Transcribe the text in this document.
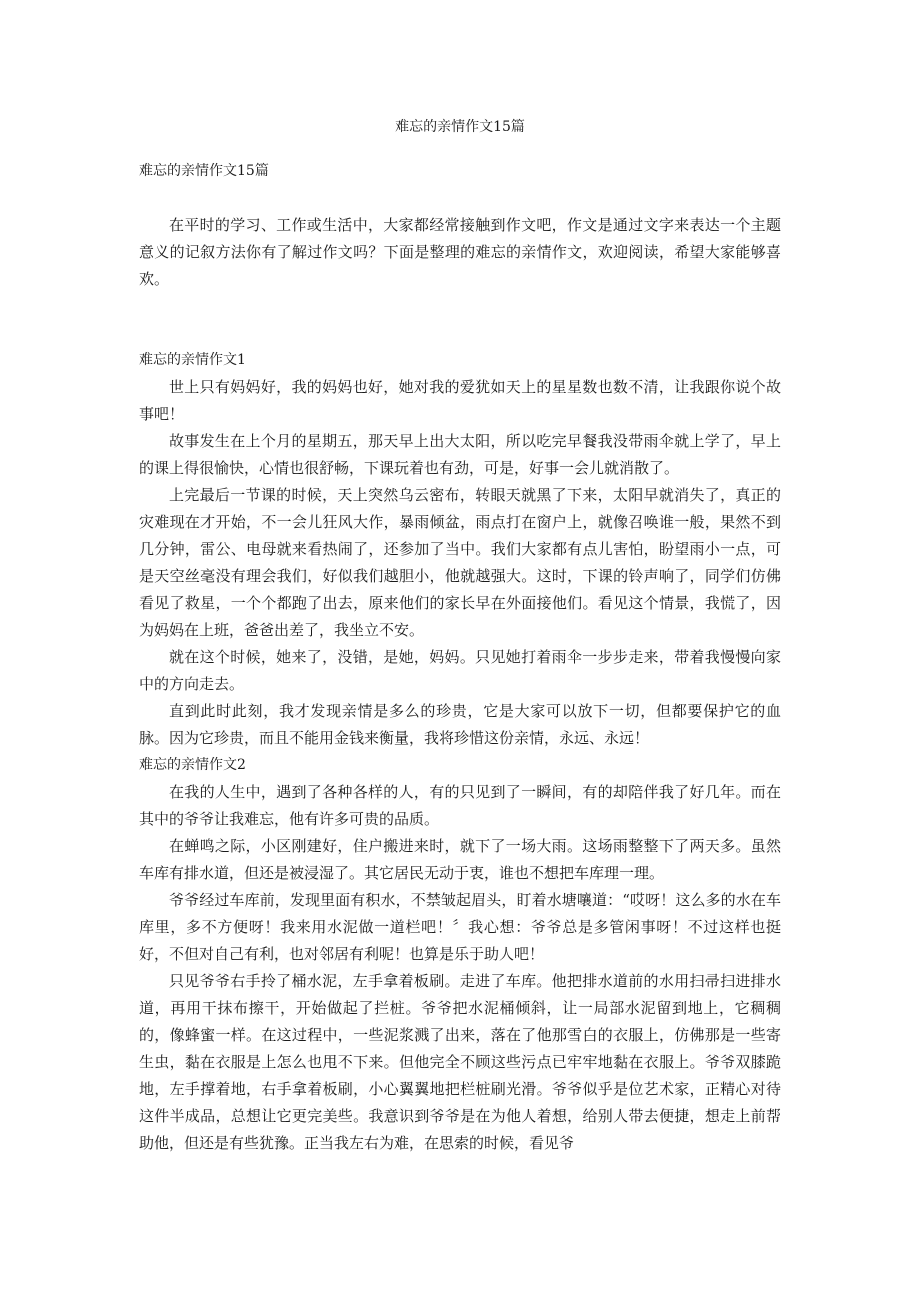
难忘的亲情作文15篇

难忘的亲情作文15篇

在平时的学习、工作或生活中，大家都经常接触到作文吧，作文是通过文字来表达一个主题意义的记叙方法你有了解过作文吗？下面是整理的难忘的亲情作文，欢迎阅读，希望大家能够喜欢。

难忘的亲情作文1

世上只有妈妈好，我的妈妈也好，她对我的爱犹如天上的星星数也数不清，让我跟你说个故事吧！

故事发生在上个月的星期五，那天早上出大太阳，所以吃完早餐我没带雨伞就上学了，早上的课上得很愉快，心情也很舒畅，下课玩着也有劲，可是，好事一会儿就消散了。

上完最后一节课的时候，天上突然乌云密布，转眼天就黑了下来，太阳早就消失了，真正的灾难现在才开始，不一会儿狂风大作，暴雨倾盆，雨点打在窗户上，就像召唤谁一般，果然不到几分钟，雷公、电母就来看热闹了，还参加了当中。我们大家都有点儿害怕，盼望雨小一点，可是天空丝毫没有理会我们，好似我们越胆小，他就越强大。这时，下课的铃声响了，同学们仿佛看见了救星，一个个都跑了出去，原来他们的家长早在外面接他们。看见这个情景，我慌了，因为妈妈在上班，爸爸出差了，我坐立不安。

就在这个时候，她来了，没错，是她，妈妈。只见她打着雨伞一步步走来，带着我慢慢向家中的方向走去。

直到此时此刻，我才发现亲情是多么的珍贵，它是大家可以放下一切，但都要保护它的血脉。因为它珍贵，而且不能用金钱来衡量，我将珍惜这份亲情，永远、永远！

难忘的亲情作文2

在我的人生中，遇到了各种各样的人，有的只见到了一瞬间，有的却陪伴我了好几年。而在其中的爷爷让我难忘，他有许多可贵的品质。

在蝉鸣之际，小区刚建好，住户搬进来时，就下了一场大雨。这场雨整整下了两天多。虽然车库有排水道，但还是被浸湿了。其它居民无动于衷，谁也不想把车库理一理。

爷爷经过车库前，发现里面有积水，不禁皱起眉头，盯着水塘嚷道：“哎呀！这么多的水在车库里，多不方便呀！我来用水泥做一道栏吧！〞我心想：爷爷总是多管闲事呀！不过这样也挺好，不但对自己有利，也对邻居有利呢！也算是乐于助人吧！

只见爷爷右手拎了桶水泥，左手拿着板刷。走进了车库。他把排水道前的水用扫帚扫进排水道，再用干抹布擦干，开始做起了拦桩。爷爷把水泥桶倾斜，让一局部水泥留到地上，它稠稠的，像蜂蜜一样。在这过程中，一些泥浆溅了出来，落在了他那雪白的衣服上，仿佛那是一些寄生虫，黏在衣服是上怎么也甩不下来。但他完全不顾这些污点已牢牢地黏在衣服上。爷爷双膝跪地，左手撑着地，右手拿着板刷，小心翼翼地把栏桩刷光滑。爷爷似乎是位艺术家，正精心对待这件半成品，总想让它更完美些。我意识到爷爷是在为他人着想，给别人带去便捷，想走上前帮助他，但还是有些犹豫。正当我左右为难，在思索的时候，看见爷
